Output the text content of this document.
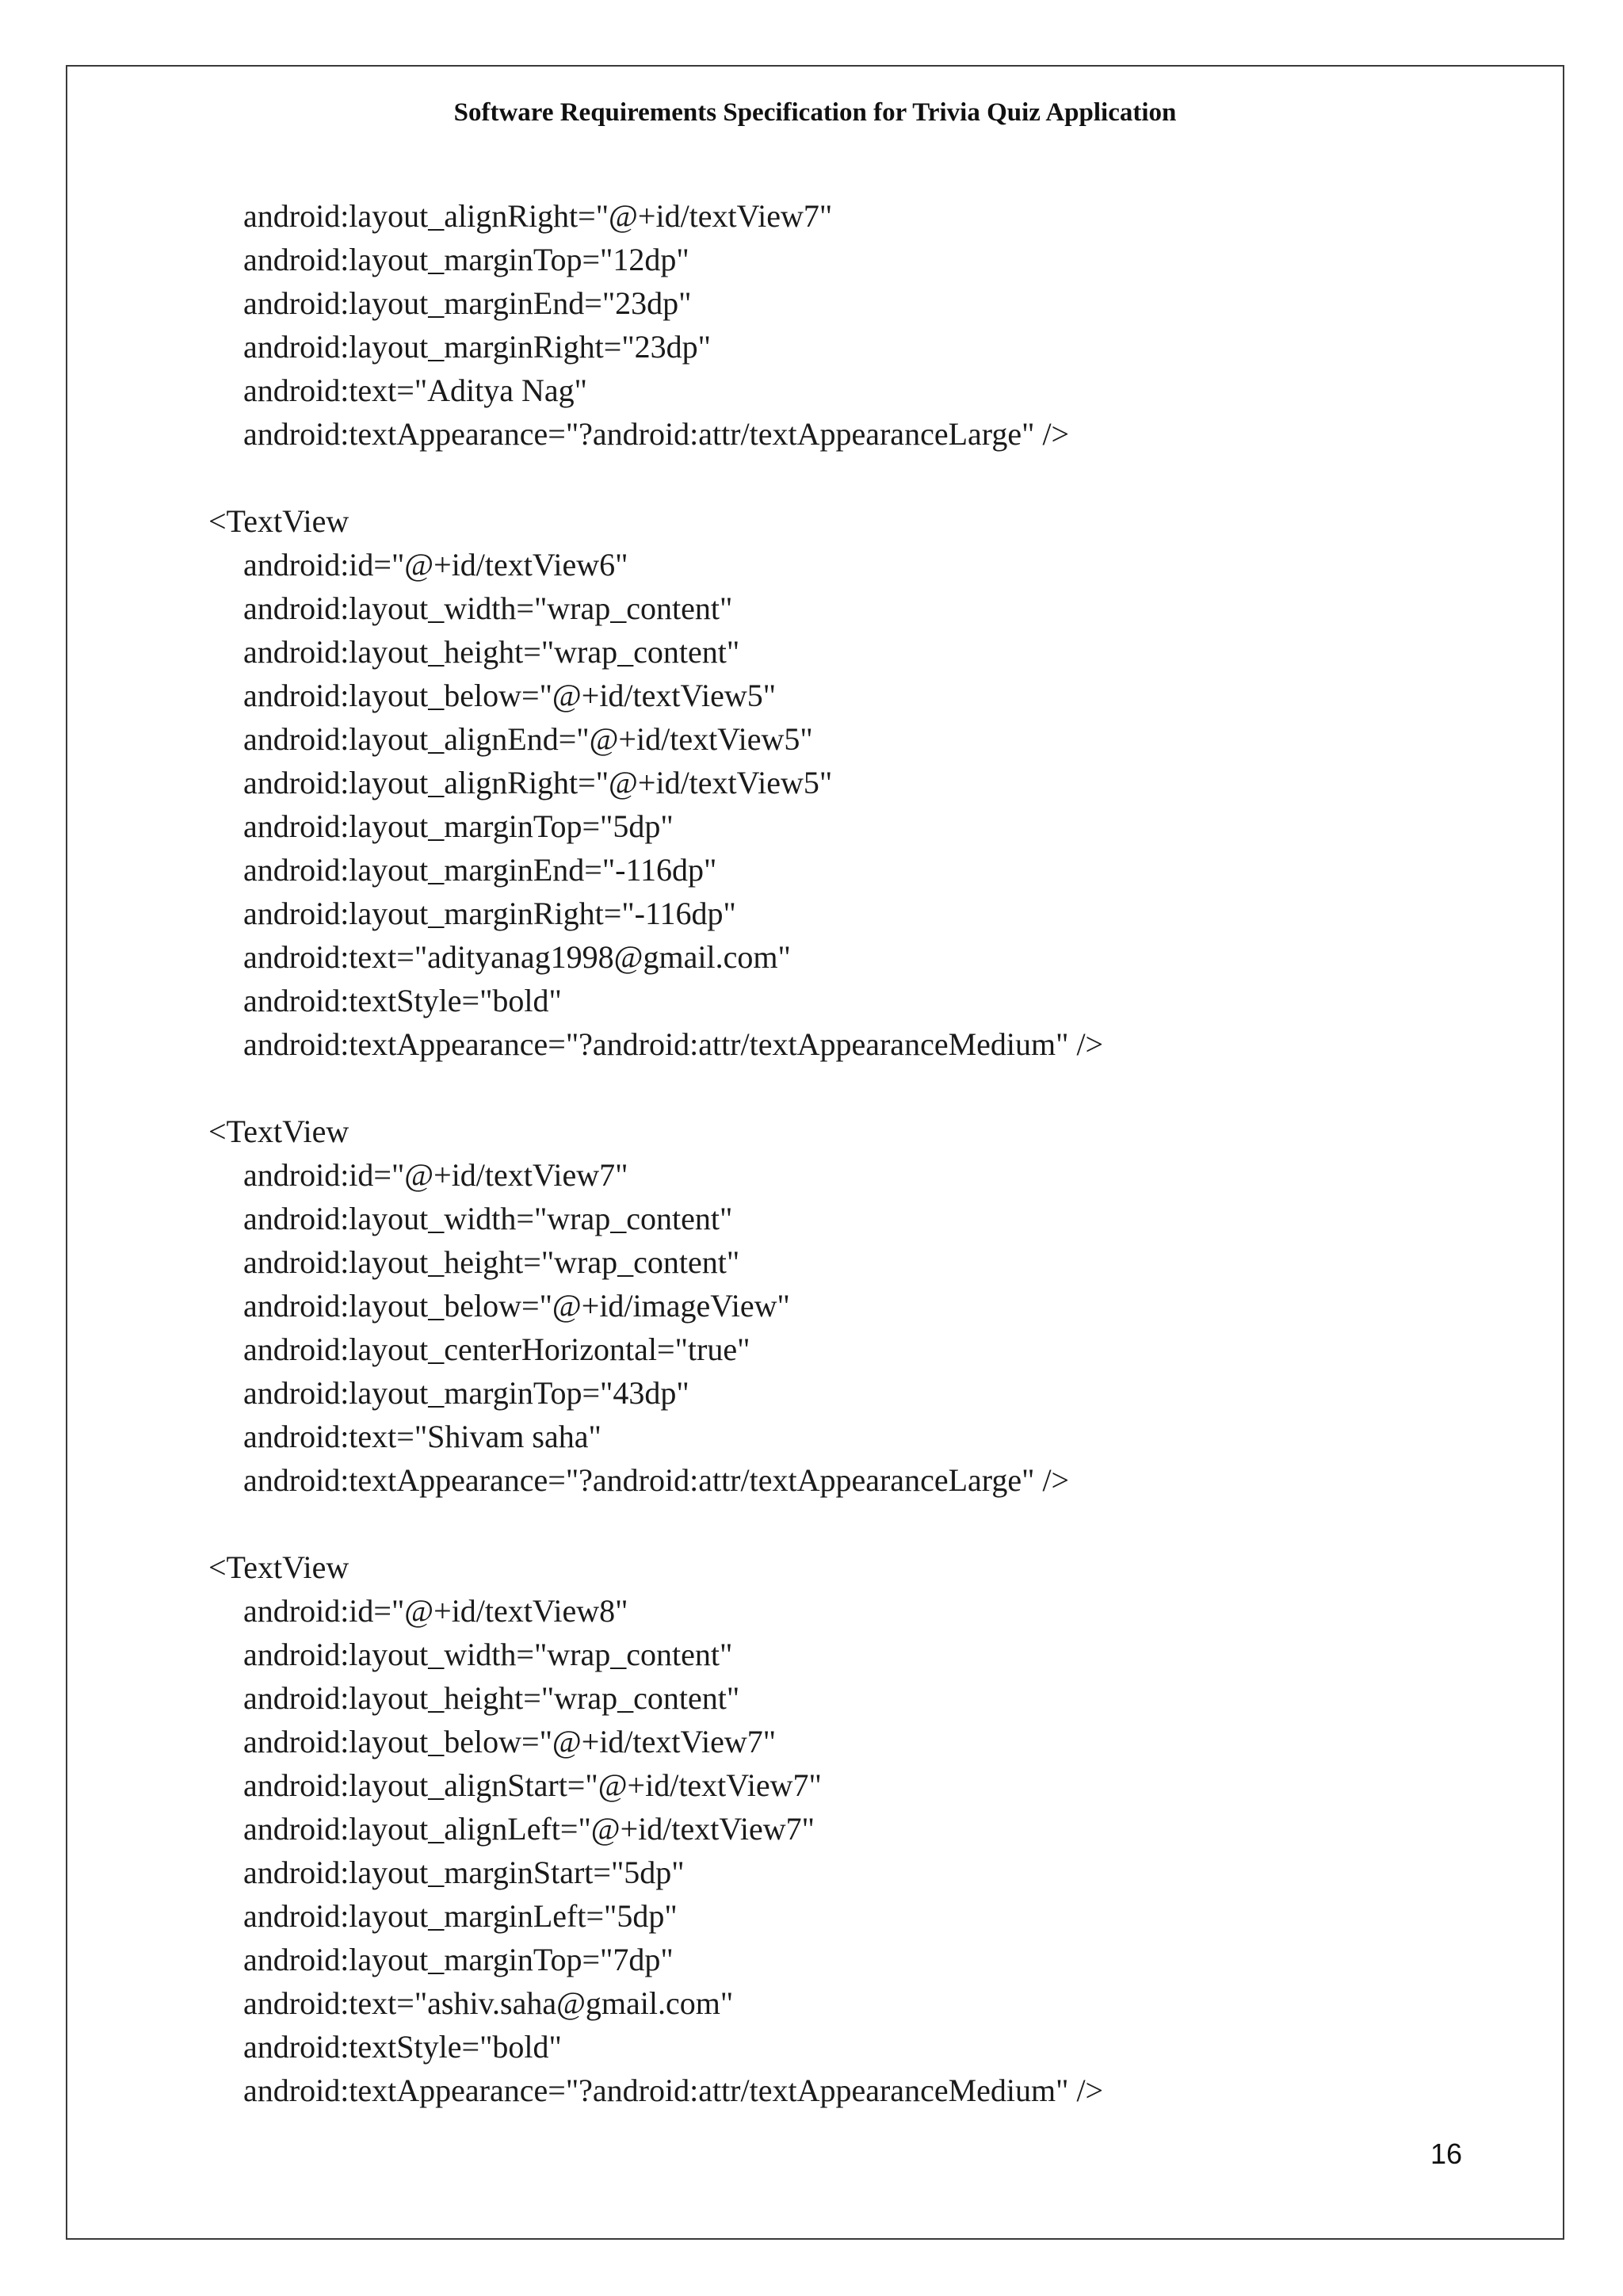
Software Requirements Specification for Trivia Quiz Application
android:layout_alignRight="@+id/textView7"
android:layout_marginTop="12dp"
android:layout_marginEnd="23dp"
android:layout_marginRight="23dp"
android:text="Aditya Nag"
android:textAppearance="?android:attr/textAppearanceLarge" />
<TextView
android:id="@+id/textView6"
android:layout_width="wrap_content"
android:layout_height="wrap_content"
android:layout_below="@+id/textView5"
android:layout_alignEnd="@+id/textView5"
android:layout_alignRight="@+id/textView5"
android:layout_marginTop="5dp"
android:layout_marginEnd="-116dp"
android:layout_marginRight="-116dp"
android:text="adityanag1998@gmail.com"
android:textStyle="bold"
android:textAppearance="?android:attr/textAppearanceMedium" />
<TextView
android:id="@+id/textView7"
android:layout_width="wrap_content"
android:layout_height="wrap_content"
android:layout_below="@+id/imageView"
android:layout_centerHorizontal="true"
android:layout_marginTop="43dp"
android:text="Shivam saha"
android:textAppearance="?android:attr/textAppearanceLarge" />
<TextView
android:id="@+id/textView8"
android:layout_width="wrap_content"
android:layout_height="wrap_content"
android:layout_below="@+id/textView7"
android:layout_alignStart="@+id/textView7"
android:layout_alignLeft="@+id/textView7"
android:layout_marginStart="5dp"
android:layout_marginLeft="5dp"
android:layout_marginTop="7dp"
android:text="ashiv.saha@gmail.com"
android:textStyle="bold"
android:textAppearance="?android:attr/textAppearanceMedium" />
16
